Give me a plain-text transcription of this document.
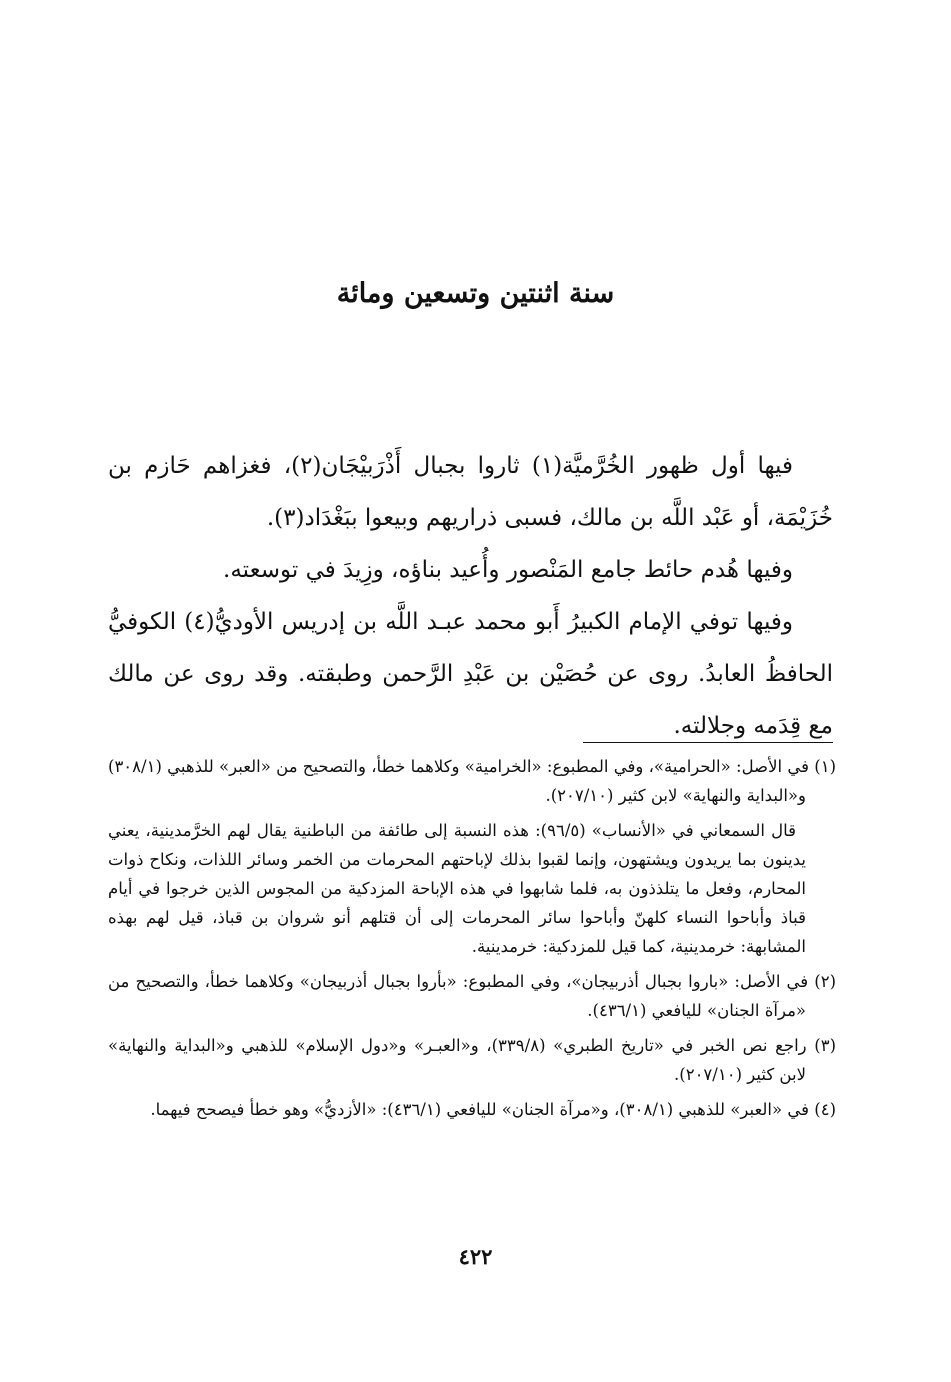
سنة اثنتين وتسعين ومائة

فيها أول ظهور الخُرَّميَّة(١) ثاروا بجبال أَذْرَبيْجَان(٢)، فغزاهم حَازم بن خُزَيْمَة، أو عَبْد اللَّه بن مالك، فسبى ذراريهم وبيعوا ببَغْدَاد(٣).

وفيها هُدم حائط جامع المَنْصور وأُعيد بناؤه، وزِيدَ في توسعته.

وفيها توفي الإمام الكبيرُ أَبو محمد عبـد اللَّه بن إدريس الأوديُّ(٤) الكوفيُّ الحافظُ العابدُ. روى عن حُصَيْن بن عَبْدِ الرَّحمن وطبقته. وقد روى عن مالك مع قِدَمه وجلالته.

(١) في الأصل: «الحرامية»، وفي المطبوع: «الخرامية» وكلاهما خطأ، والتصحيح من «العبر» للذهبي (٣٠٨/١) و«البداية والنهاية» لابن كثير (٢٠٧/١٠).

قال السمعاني في «الأنساب» (٩٦/٥): هذه النسبة إلى طائفة من الباطنية يقال لهم الخرَّمدينية، يعني يدينون بما يريدون ويشتهون، وإنما لقبوا بذلك لإباحتهم المحرمات من الخمر وسائر اللذات، ونكاح ذوات المحارم، وفعل ما يتلذذون به، فلما شابهوا في هذه الإباحة المزدكية من المجوس الذين خرجوا في أيام قباذ وأباحوا النساء كلهنّ وأباحوا سائر المحرمات إلى أن قتلهم أنو شروان بن قباذ، قيل لهم بهذه المشابهة: خرمدينية، كما قيل للمزدكية: خرمدينية.

(٢) في الأصل: «باروا بجبال أذربيجان»، وفي المطبوع: «بأروا بجبال أذربيجان» وكلاهما خطأ، والتصحيح من «مرآة الجنان» لليافعي (٤٣٦/١).

(٣) راجع نص الخبر في «تاريخ الطبري» (٣٣٩/٨)، و«العبـر» و«دول الإسلام» للذهبي و«البداية والنهاية» لابن كثير (٢٠٧/١٠).

(٤) في «العبر» للذهبي (٣٠٨/١)، و«مرآة الجنان» لليافعي (٤٣٦/١): «الأزديُّ» وهو خطأ فيصحح فيهما.

٤٢٢
